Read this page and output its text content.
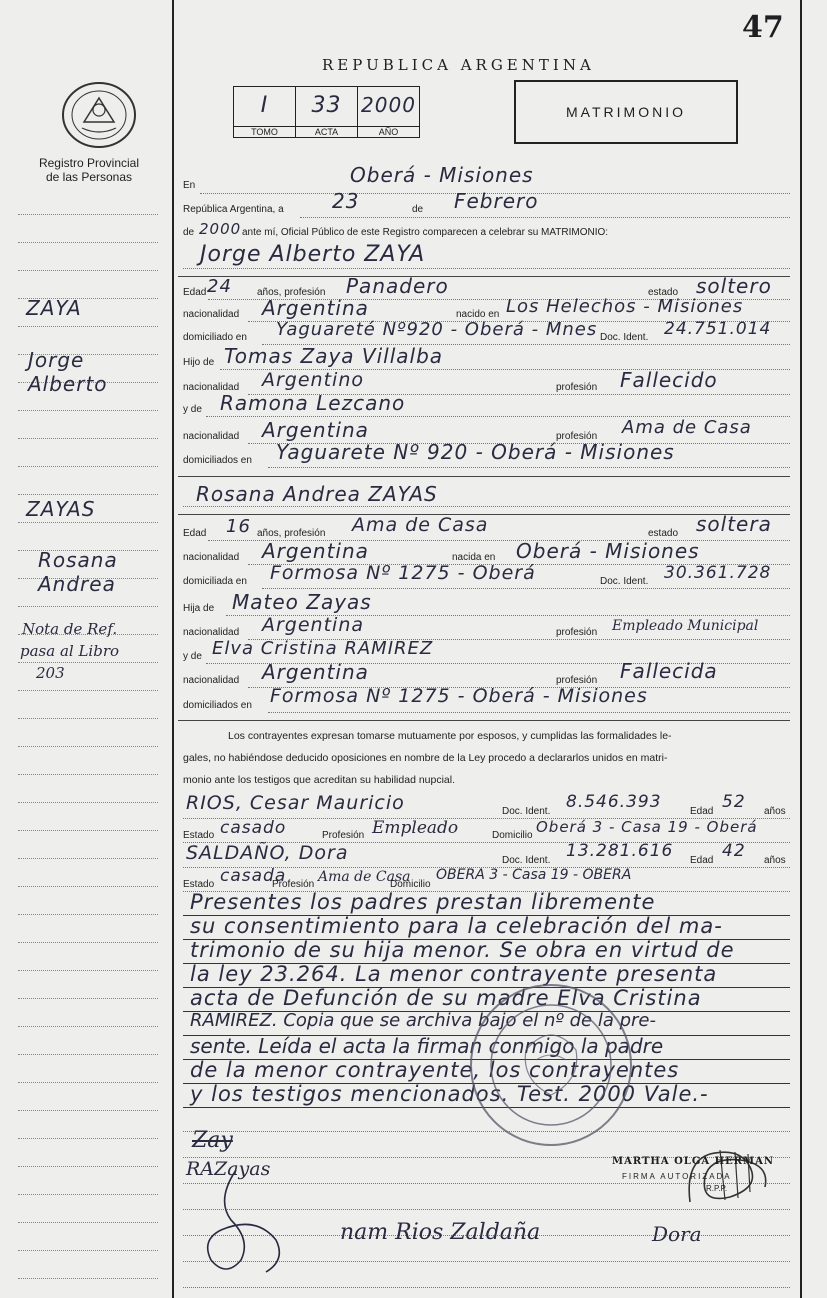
47
Registro Provincial
de las Personas
REPUBLICA ARGENTINA
I
TOMO
33
ACTA
2000
AÑO
MATRIMONIO
ZAYA
Jorge
Alberto
ZAYAS
Rosana
Andrea
Nota de Ref.
pasa al Libro
203
En	Oberá - Misiones
República Argentina, a 23	de Febrero
de 2000 ante mí, Oficial Público de este Registro comparecen a celebrar su MATRIMONIO:
Jorge Alberto ZAYA
Edad 24	años, profesión Panadero	estado soltero
nacionalidad Argentina	nacido en Los Helechos - Misiones
domiciliado en Yaguareté Nº920 - Oberá - Mnes Doc. Ident. 24.751.014
Hijo de Tomas Zaya Villalba
nacionalidad Argentino	profesión Fallecido
y de Ramona Lezcano
nacionalidad Argentina	profesión Ama de Casa
domiciliados en Yaguarete Nº 920 - Oberá - Misiones
Rosana Andrea ZAYAS
Edad 16 años, profesión Ama de Casa	estado soltera
nacionalidad Argentina	nacida en Oberá - Misiones
domiciliada en Formosa Nº 1275 - Oberá	Doc. Ident. 30.361.728
Hija de Mateo Zayas
nacionalidad Argentina	profesión Empleado Municipal
y de Elva Cristina RAMIREZ
nacionalidad Argentina	profesión Fallecida
domiciliados en Formosa Nº 1275 - Oberá - Misiones
Los contrayentes expresan tomarse mutuamente por esposos, y cumplidas las formalidades le-
gales, no habiéndose deducido oposiciones en nombre de la Ley procedo a declararlos unidos en matri-
monio ante los testigos que acreditan su habilidad nupcial.
RIOS, Cesar Mauricio	Doc. Ident. 8.546.393	Edad 52 años
Estado casado	Profesión Empleado	Domicilio Oberá 3 - Casa 19 - Oberá
SALDAÑO, Dora	Doc. Ident. 13.281.616 Edad 42 años
Estado casada
Profesión Ama de Casa
Domicilio
OBERA 3 - Casa 19 - OBERA
Presentes los padres prestan libremente
su consentimiento para la celebración del ma-
trimonio de su hija menor. Se obra en virtud de
la ley 23.264. La menor contrayente presenta
acta de Defunción de su madre Elva Cristina
RAMIREZ. Copia que se archiva bajo el nº de la pre-
sente. Leída el acta la firman conmigo la padre
de la menor contrayente, los contrayentes
y los testigos mencionados. Test. 2000 Vale.-
MARTHA OLGA HERMAN
FIRMA AUTORIZADA
R.P.P.
Zay
RAZayas
nam Rios Zaldaña	Dora
